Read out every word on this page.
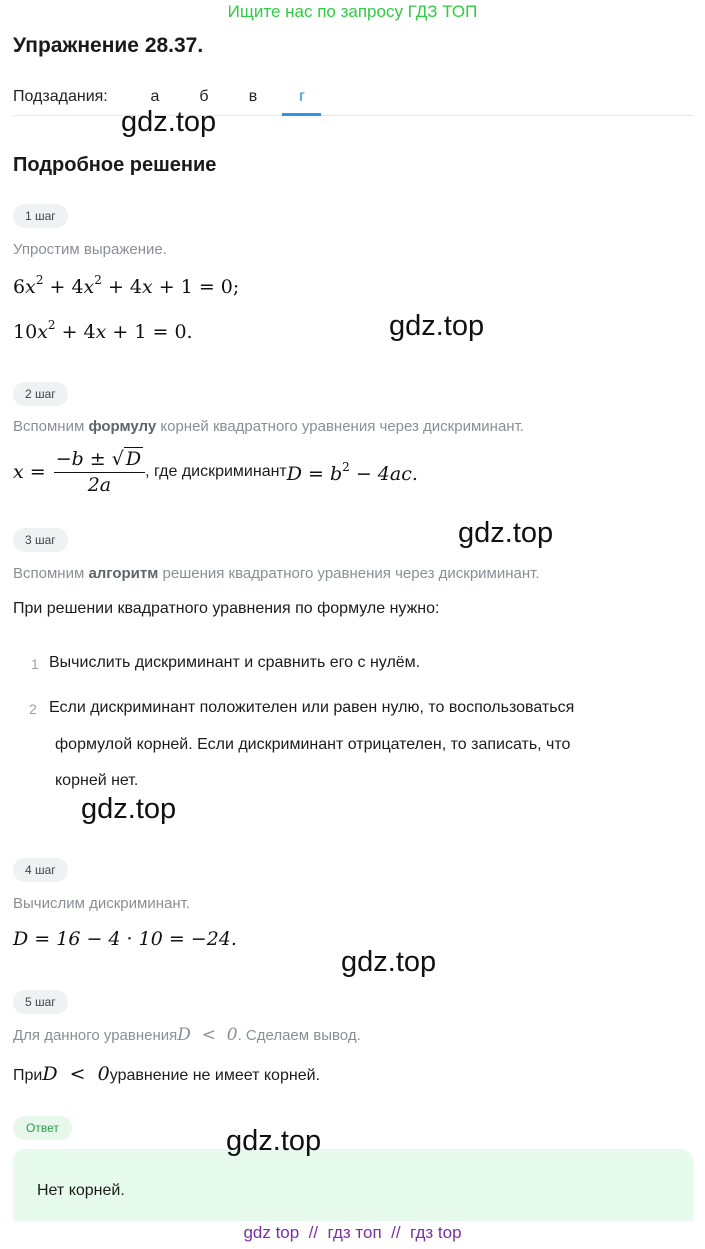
Ищите нас по запросу ГДЗ ТОП
Упражнение 28.37.
Подзадания:	а	б	в	г
gdz.top
Подробное решение
1 шаг
Упростим выражение.
$6x^2 + 4x^2 + 4x + 1 = 0$;
$10x^2 + 4x + 1 = 0$.	gdz.top
2 шаг
Вспомним формулу корней квадратного уравнения через дискриминант.
$x = \frac{-b \pm √ D}{2a}$ , где дискриминант $D = b^2 - 4ac$.
gdz.top
3 шаг
Вспомним алгоритм решения квадратного уравнения через дискриминант.
При решении квадратного уравнения по формуле нужно:
1 Вычислить дискриминант и сравнить его с нулём.
2 Если дискриминант положителен или равен нулю, то воспользоваться
формулой корней. Если дискриминант отрицателен, то записать, что
корней нет.
gdz.top
4 шаг
Вычислим дискриминант.
D = 16 − 4 · 10 = −24.
gdz.top
5 шаг
Для данного уравнения D  <  0 . Сделаем вывод.
При D  <  0 уравнение не имеет корней.
Ответ
Нет корней.
gdz.top
gdz top  //  гдз топ  //  гдз top
